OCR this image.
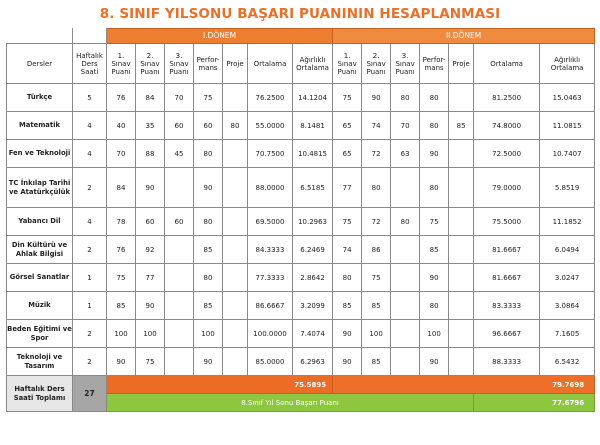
8. SINIF YILSONU BAŞARI PUANININ HESAPLANMASI
		I.DÖNEM							II.DÖNEM						
Dersler	Haftalık Ders Saati	1. Sınav Puanı	2. Sınav Puanı	3. Sınav Puanı	Perfor-mans	Proje	Ortalama	Ağırlıklı Ortalama	1. Sınav Puanı	2. Sınav Puanı	3. Sınav Puanı	Perfor-mans	Proje	Ortalama	Ağırlıklı Ortalama
Türkçe	5	76	84	70	75		76.2500	14.1204	75	90	80	80		81.2500	15.0463
Matematik	4	40	35	60	60	80	55.0000	8.1481	65	74	70	80	85	74.8000	11.0815
Fen ve Teknoloji	4	70	88	45	80		70.7500	10.4815	65	72	63	90		72.5000	10.7407
TC İnkılap Tarihi ve Atatürkçülük	2	84	90		90		88.0000	6.5185	77	80		80		79.0000	5.8519
Yabancı Dil	4	78	60	60	80		69.5000	10.2963	75	72	80	75		75.5000	11.1852
Din Kültürü ve Ahlak Bilgisi	2	76	92		85		84.3333	6.2469	74	86		85		81.6667	6.0494
Görsel Sanatlar	1	75	77		80		77.3333	2.8642	80	75		90		81.6667	3.0247
Müzik	1	85	90		85		86.6667	3.2099	85	85		80		83.3333	3.0864
Beden Eğitimi ve Spor	2	100	100		100		100.0000	7.4074	90	100		100		96.6667	7.1605
Teknoloji ve Tasarım	2	90	75		90		85.0000	6.2963	90	85		90		88.3333	6.5432
Haftalık Ders Saati Toplamı	27	75.5895							79.7698						
		8.Sınıf Yıl Sonu Başarı Puanı												77.6796	
